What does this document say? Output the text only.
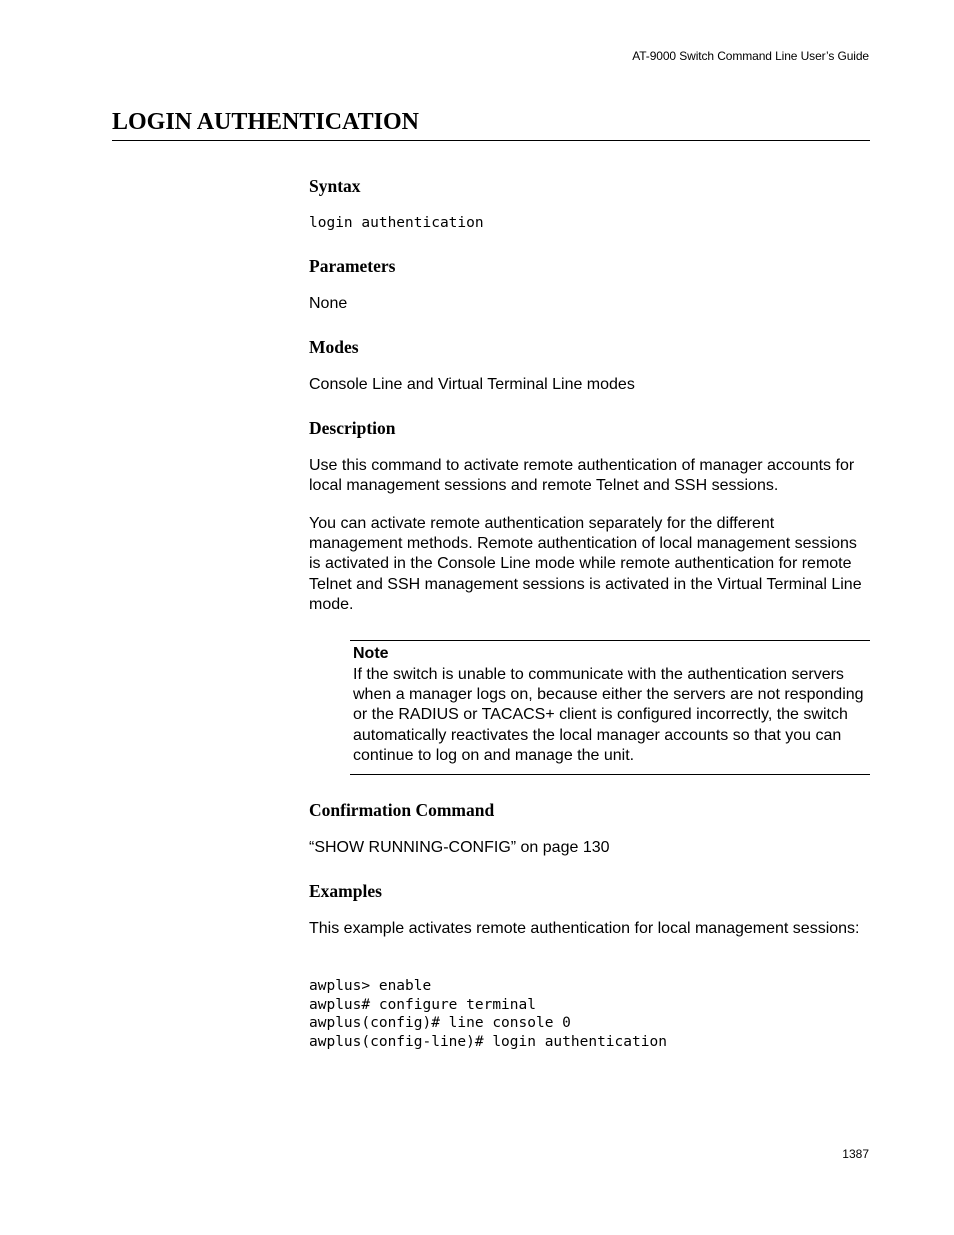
AT-9000 Switch Command Line User’s Guide
LOGIN AUTHENTICATION
Syntax
login authentication
Parameters

None

Modes

Console Line and Virtual Terminal Line modes

Description

Use this command to activate remote authentication of manager accounts for local management sessions and remote Telnet and SSH sessions.

You can activate remote authentication separately for the different management methods. Remote authentication of local management sessions is activated in the Console Line mode while remote authentication for remote Telnet and SSH management sessions is activated in the Virtual Terminal Line mode.

Note

If the switch is unable to communicate with the authentication servers when a manager logs on, because either the servers are not responding or the RADIUS or TACACS+ client is configured incorrectly, the switch automatically reactivates the local manager accounts so that you can continue to log on and manage the unit.

Confirmation Command

“SHOW RUNNING-CONFIG” on page 130

Examples

This example activates remote authentication for local management sessions:

awplus> enable
awplus# configure terminal
awplus(config)# line console 0
awplus(config-line)# login authentication
1387
